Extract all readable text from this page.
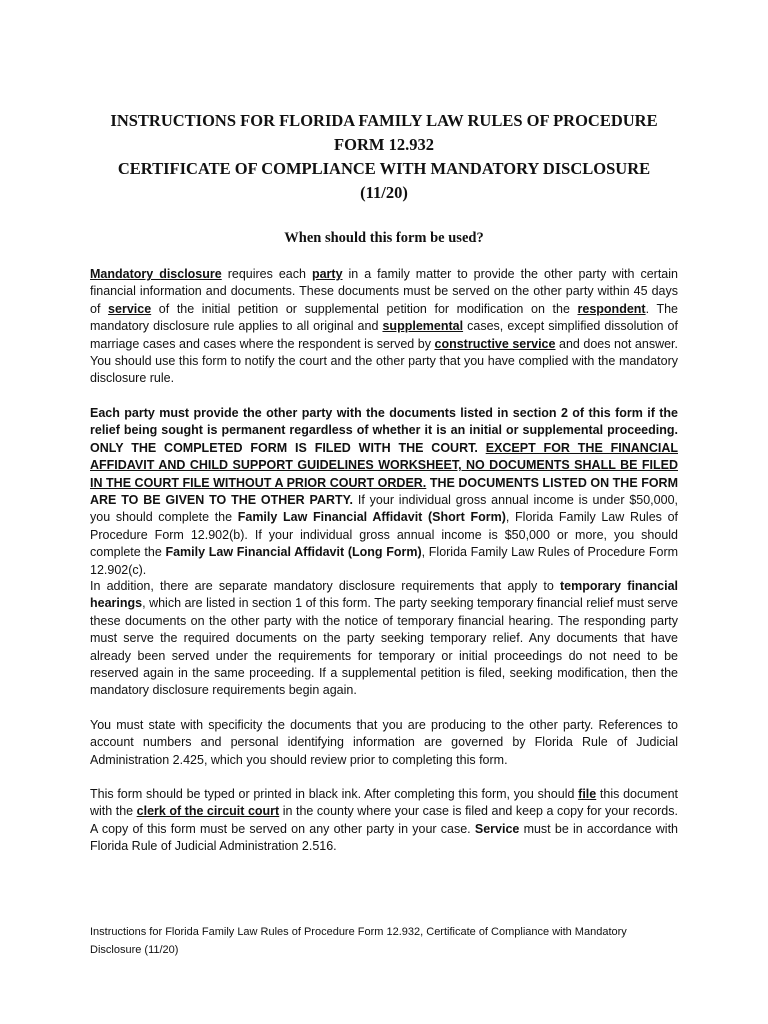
INSTRUCTIONS FOR FLORIDA FAMILY LAW RULES OF PROCEDURE
FORM 12.932
CERTIFICATE OF COMPLIANCE WITH MANDATORY DISCLOSURE
(11/20)
When should this form be used?
Mandatory disclosure requires each party in a family matter to provide the other party with certain financial information and documents. These documents must be served on the other party within 45 days of service of the initial petition or supplemental petition for modification on the respondent. The mandatory disclosure rule applies to all original and supplemental cases, except simplified dissolution of marriage cases and cases where the respondent is served by constructive service and does not answer. You should use this form to notify the court and the other party that you have complied with the mandatory disclosure rule.
Each party must provide the other party with the documents listed in section 2 of this form if the relief being sought is permanent regardless of whether it is an initial or supplemental proceeding. ONLY THE COMPLETED FORM IS FILED WITH THE COURT. EXCEPT FOR THE FINANCIAL AFFIDAVIT AND CHILD SUPPORT GUIDELINES WORKSHEET, NO DOCUMENTS SHALL BE FILED IN THE COURT FILE WITHOUT A PRIOR COURT ORDER. THE DOCUMENTS LISTED ON THE FORM ARE TO BE GIVEN TO THE OTHER PARTY. If your individual gross annual income is under $50,000, you should complete the Family Law Financial Affidavit (Short Form), Florida Family Law Rules of Procedure Form 12.902(b). If your individual gross annual income is $50,000 or more, you should complete the Family Law Financial Affidavit (Long Form), Florida Family Law Rules of Procedure Form 12.902(c).
In addition, there are separate mandatory disclosure requirements that apply to temporary financial hearings, which are listed in section 1 of this form. The party seeking temporary financial relief must serve these documents on the other party with the notice of temporary financial hearing. The responding party must serve the required documents on the party seeking temporary relief. Any documents that have already been served under the requirements for temporary or initial proceedings do not need to be reserved again in the same proceeding. If a supplemental petition is filed, seeking modification, then the mandatory disclosure requirements begin again.
You must state with specificity the documents that you are producing to the other party. References to account numbers and personal identifying information are governed by Florida Rule of Judicial Administration 2.425, which you should review prior to completing this form.
This form should be typed or printed in black ink. After completing this form, you should file this document with the clerk of the circuit court in the county where your case is filed and keep a copy for your records. A copy of this form must be served on any other party in your case. Service must be in accordance with Florida Rule of Judicial Administration 2.516.
Instructions for Florida Family Law Rules of Procedure Form 12.932, Certificate of Compliance with Mandatory Disclosure (11/20)
